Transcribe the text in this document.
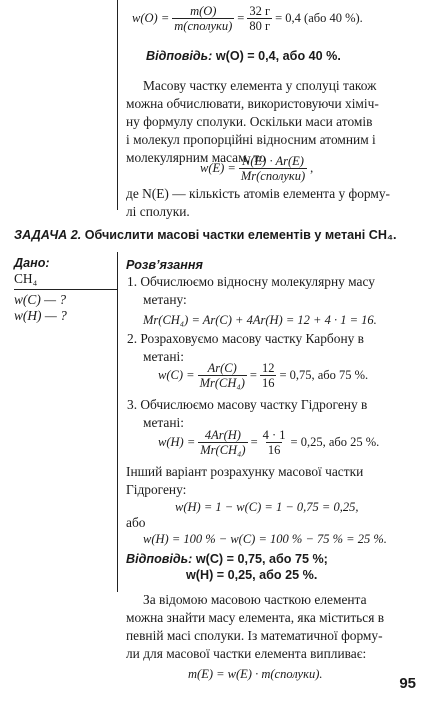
$w(O) = \frac{m(O)}{\text{m(сполуки)}} = \frac{32 г}{80 г} = 0,4$ (або 40 %).
Відповідь: w(O) = 0,4, або 40 %.
Масову частку елемента у сполуці також
можна обчислювати, використовуючи хіміч-
ну формулу сполуки. Оскільки маси атомів
і молекул пропорційні відносним атомним і
молекулярним масам, то
$w(E) = \frac{N(E) \cdot Ar(E)}{\text{Mr(сполуки)}}$ ,
де N(E) — кількість атомів елемента у форму-
лі сполуки.
ЗАДАЧА 2. Обчислити масові частки елементів у метані CH₄.
Дано:
CH₄
w(C) — ?
w(H) — ?
Розв’язання
1. Обчислюємо відносну молекулярну масу
метану:
Mr(CH₄) = Ar(C) + 4Ar(H) = 12 + 4 · 1 = 16.
2. Розраховуємо масову частку Карбону в
метані:
$w(C) = \frac{Ar(C)}{\text{Mr(CH₄)}} = \frac{12}{16} = 0,75$, або 75 %.
3. Обчислюємо масову частку Гідрогену в
метані:
$w(H) = \frac{4Ar(H)}{\text{Mr(CH₄)}} = \frac{4 \cdot 1}{16} = 0,25$, або 25 %.
Інший варіант розрахунку масової частки
Гідрогену:
w(H) = 1 − w(C) = 1 − 0,75 = 0,25,
або
w(H) = 100 % − w(C) = 100 % − 75 % = 25 %.
Відповідь: w(C) = 0,75, або 75 %;
w(H) = 0,25, або 25 %.
За відомою масовою часткою елемента
можна знайти масу елемента, яка міститься в
певній масі сполуки. Із математичної форму-
ли для масової частки елемента випливає:
m(E) = w(E) · m(сполуки).
95
